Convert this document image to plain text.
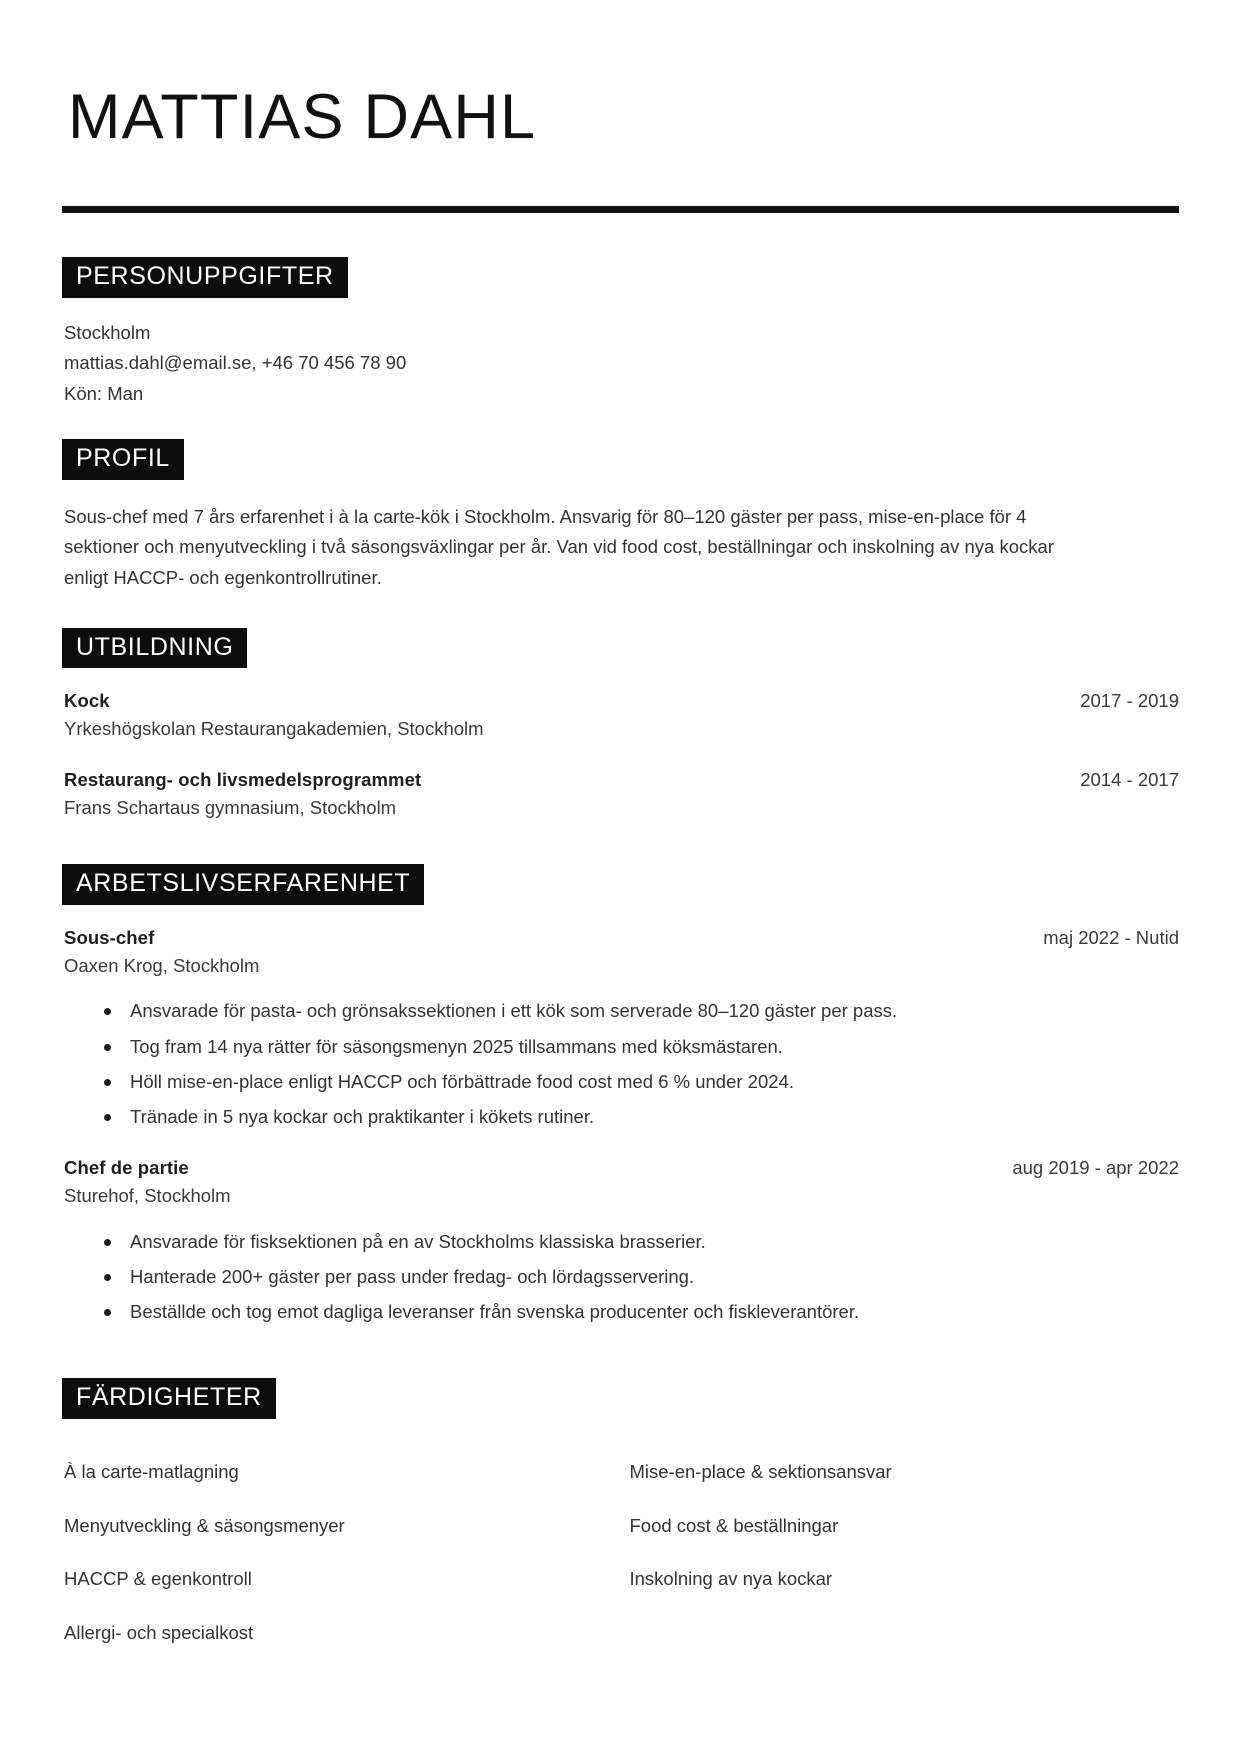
MATTIAS DAHL
PERSONUPPGIFTER
Stockholm
mattias.dahl@email.se, +46 70 456 78 90
Kön: Man
PROFIL

Sous-chef med 7 års erfarenhet i à la carte-kök i Stockholm. Ansvarig för 80–120 gäster per pass, mise-en-place för 4 sektioner och menyutveckling i två säsongsväxlingar per år. Van vid food cost, beställningar och inskolning av nya kockar enligt HACCP- och egenkontrollrutiner.

UTBILDNING
Kock	2017 - 2019
Yrkeshögskolan Restaurangakademien, Stockholm
Restaurang- och livsmedelsprogrammet	2014 - 2017
Frans Schartaus gymnasium, Stockholm
ARBETSLIVSERFARENHET
Sous-chef	maj 2022 - Nutid
Oaxen Krog, Stockholm
Ansvarade för pasta- och grönsakssektionen i ett kök som serverade 80–120 gäster per pass.
Tog fram 14 nya rätter för säsongsmenyn 2025 tillsammans med köksmästaren.
Höll mise-en-place enligt HACCP och förbättrade food cost med 6 % under 2024.
Tränade in 5 nya kockar och praktikanter i kökets rutiner.
Chef de partie	aug 2019 - apr 2022
Sturehof, Stockholm
Ansvarade för fisksektionen på en av Stockholms klassiska brasserier.
Hanterade 200+ gäster per pass under fredag- och lördagsservering.
Beställde och tog emot dagliga leveranser från svenska producenter och fiskleverantörer.
FÄRDIGHETER
À la carte-matlagning	Mise-en-place & sektionsansvar
Menyutveckling & säsongsmenyer	Food cost & beställningar
HACCP & egenkontroll	Inskolning av nya kockar
Allergi- och specialkost
